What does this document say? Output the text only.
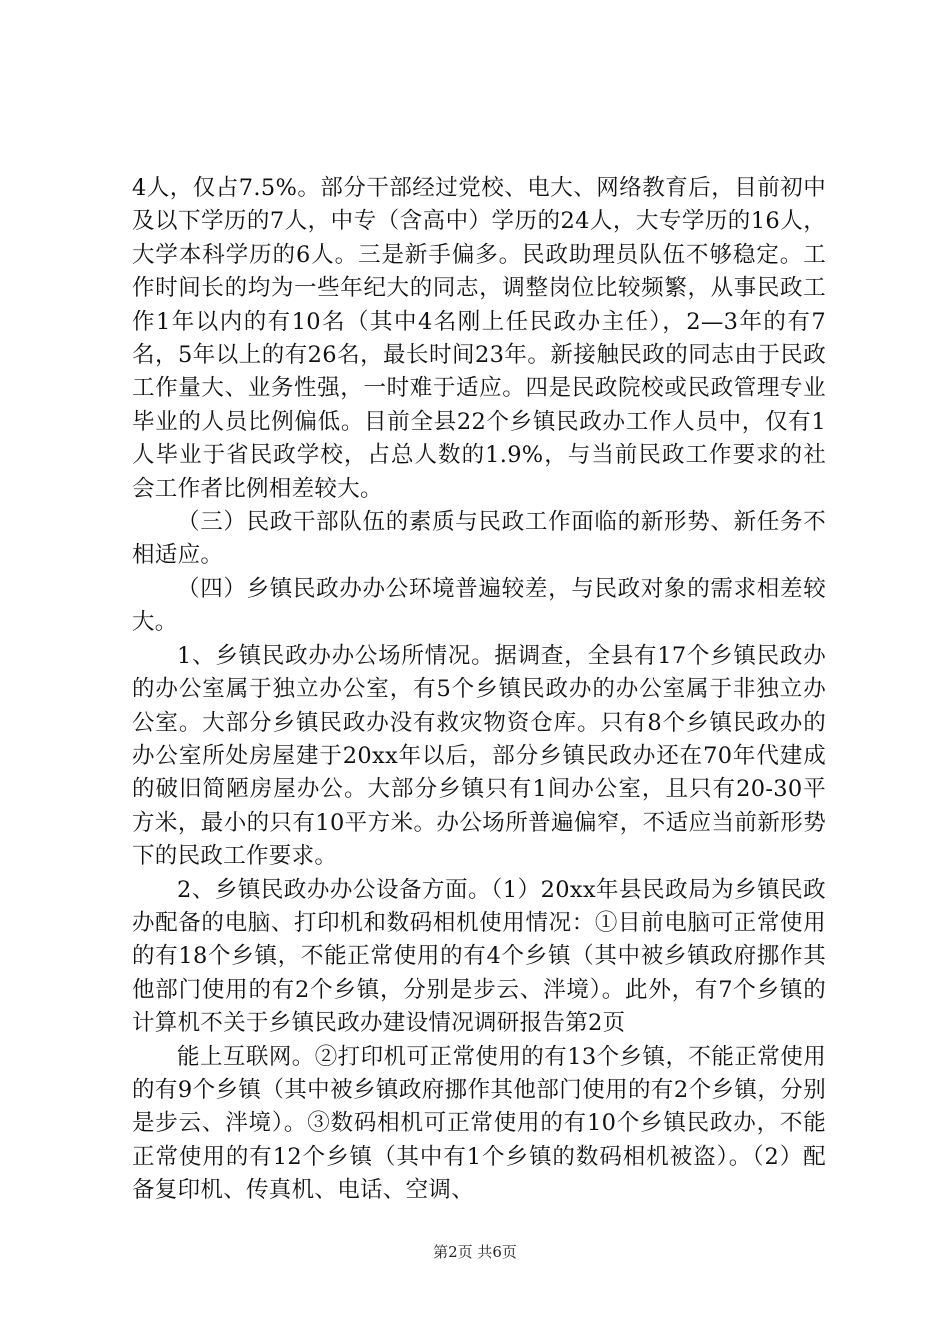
4人，仅占7.5%。部分干部经过党校、电大、网络教育后，目前初中及以下学历的7人，中专（含高中）学历的24人，大专学历的16人，大学本科学历的6人。三是新手偏多。民政助理员队伍不够稳定。工作时间长的均为一些年纪大的同志，调整岗位比较频繁，从事民政工作1年以内的有10名（其中4名刚上任民政办主任），2—3年的有7名，5年以上的有26名，最长时间23年。新接触民政的同志由于民政工作量大、业务性强，一时难于适应。四是民政院校或民政管理专业毕业的人员比例偏低。目前全县22个乡镇民政办工作人员中，仅有1人毕业于省民政学校，占总人数的1.9%，与当前民政工作要求的社会工作者比例相差较大。

（三）民政干部队伍的素质与民政工作面临的新形势、新任务不相适应。

（四）乡镇民政办办公环境普遍较差，与民政对象的需求相差较大。

1、乡镇民政办办公场所情况。据调查，全县有17个乡镇民政办的办公室属于独立办公室，有5个乡镇民政办的办公室属于非独立办公室。大部分乡镇民政办没有救灾物资仓库。只有8个乡镇民政办的办公室所处房屋建于20xx年以后，部分乡镇民政办还在70年代建成的破旧简陋房屋办公。大部分乡镇只有1间办公室，且只有20-30平方米，最小的只有10平方米。办公场所普遍偏窄，不适应当前新形势下的民政工作要求。

2、乡镇民政办办公设备方面。（1）20xx年县民政局为乡镇民政办配备的电脑、打印机和数码相机使用情况：①目前电脑可正常使用的有18个乡镇，不能正常使用的有4个乡镇（其中被乡镇政府挪作其他部门使用的有2个乡镇，分别是步云、泮境）。此外，有7个乡镇的计算机不关于乡镇民政办建设情况调研报告第2页

能上互联网。②打印机可正常使用的有13个乡镇，不能正常使用的有9个乡镇（其中被乡镇政府挪作其他部门使用的有2个乡镇，分别是步云、泮境）。③数码相机可正常使用的有10个乡镇民政办，不能正常使用的有12个乡镇（其中有1个乡镇的数码相机被盗）。（2）配备复印机、传真机、电话、空调、

第2页 共6页
